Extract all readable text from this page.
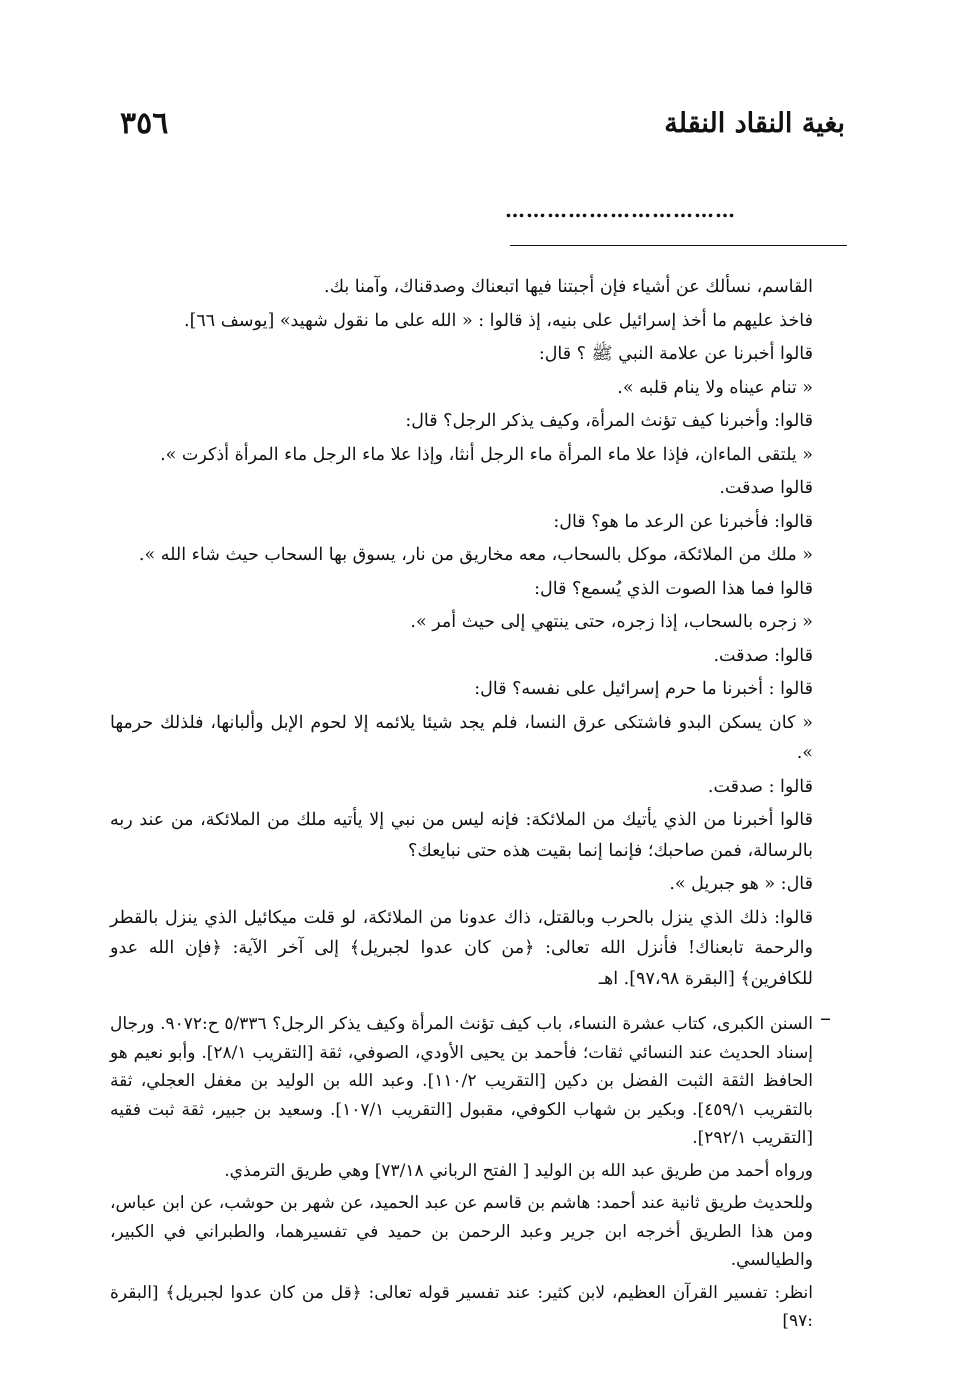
بغية النقاد النقلة
٣٥٦
……………………………

القاسم، نسألك عن أشياء فإن أجبتنا فيها اتبعناك وصدقناك، وآمنا بك.

فاخذ عليهم ما أخذ إسرائيل على بنيه، إذ قالوا : « الله على ما نقول شهيد» [يوسف ٦٦].

قالوا أخبرنا عن علامة النبي ﷺ ؟ قال:

« تنام عيناه ولا ينام قلبه ».

قالوا: وأخبرنا كيف تؤنث المرأة، وكيف يذكر الرجل؟ قال:

« يلتقى الماءان، فإذا علا ماء المرأة ماء الرجل أنثا، وإذا علا ماء الرجل ماء المرأة أذكرت ».

قالوا صدقت.

قالوا: فأخبرنا عن الرعد ما هو؟ قال:

« ملك من الملائكة، موكل بالسحاب، معه مخاريق من نار، يسوق بها السحاب حيث شاء الله ».

قالوا فما هذا الصوت الذي يُسمع؟ قال:

« زجره بالسحاب، إذا زجره، حتى ينتهي إلى حيث أمر ».

قالوا: صدقت.

قالوا : أخبرنا ما حرم إسرائيل على نفسه؟ قال:

« كان يسكن البدو فاشتكى عرق النسا، فلم يجد شيئا يلائمه إلا لحوم الإبل وألبانها، فلذلك حرمها ».

قالوا : صدقت.

قالوا أخبرنا من الذي يأتيك من الملائكة: فإنه ليس من نبي إلا يأتيه ملك من الملائكة، من عند ربه بالرسالة، فمن صاحبك؛ فإنما إنما بقيت هذه حتى نبايعك؟

قال: « هو جبريل ».

قالوا: ذلك الذي ينزل بالحرب وبالقتل، ذاك عدونا من الملائكة، لو قلت ميكائيل الذي ينزل بالقطر والرحمة تابعناك! فأنزل الله تعالى: ﴿من كان عدوا لجبريل﴾ إلى آخر الآية: ﴿فإن الله عدو للكافرين﴾ [البقرة ٩٧،٩٨]. اهـ

–

السنن الكبرى، كتاب عشرة النساء، باب كيف تؤنث المرأة وكيف يذكر الرجل؟ ٥/٣٣٦ ح:٩٠٧٢. ورجال إسناد الحديث عند النسائي ثقات؛ فأحمد بن يحيى الأودي، الصوفي، ثقة [التقريب ٢٨/١]. وأبو نعيم هو الحافظ الثقة الثبت الفضل بن دكين [التقريب ١١٠/٢]. وعبد الله بن الوليد بن مغفل العجلي، ثقة بالتقريب ٤٥٩/١]. وبكير بن شهاب الكوفي، مقبول [التقريب ١٠٧/١]. وسعيد بن جبير، ثقة ثبت فقيه [التقريب ٢٩٢/١].

ورواه أحمد من طريق عبد الله بن الوليد [ الفتح الرباني ٧٣/١٨] وهي طريق الترمذي.

وللحديث طريق ثانية عند أحمد: هاشم بن قاسم عن عبد الحميد، عن شهر بن حوشب، عن ابن عباس، ومن هذا الطريق أخرجه ابن جرير وعبد الرحمن بن حميد في تفسيرهما، والطبراني في الكبير، والطيالسي.

انظر: تفسير القرآن العظيم، لابن كثير: عند تفسير قوله تعالى: ﴿قل من كان عدوا لجبريل﴾ [البقرة :٩٧]
